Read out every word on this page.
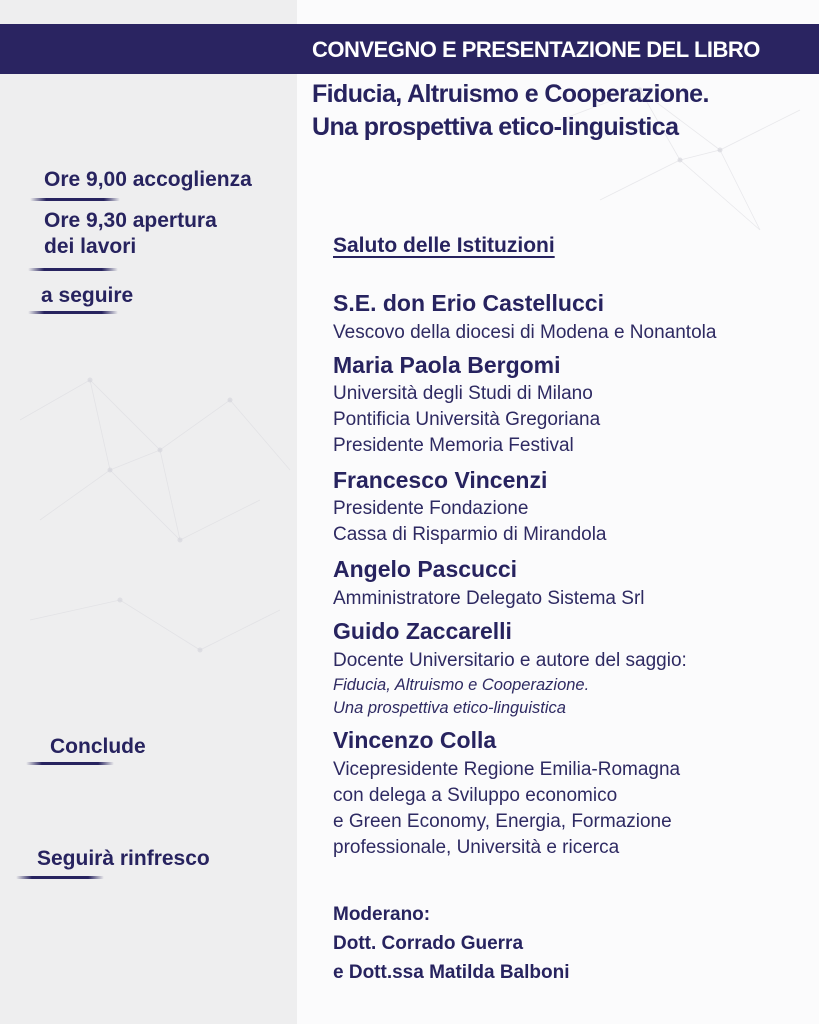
CONVEGNO E PRESENTAZIONE DEL LIBRO
Fiducia, Altruismo e Cooperazione.
Una prospettiva etico-linguistica
Ore 9,00 accoglienza
Ore 9,30 apertura
dei lavori
a seguire
Conclude
Seguirà rinfresco
Saluto delle Istituzioni
S.E. don Erio Castellucci
Vescovo della diocesi di Modena e Nonantola
Maria Paola Bergomi
Università degli Studi di Milano
Pontificia Università Gregoriana
Presidente Memoria Festival
Francesco Vincenzi
Presidente Fondazione
Cassa di Risparmio di Mirandola
Angelo Pascucci
Amministratore Delegato Sistema Srl
Guido Zaccarelli
Docente Universitario e autore del saggio:
Fiducia, Altruismo e Cooperazione.
Una prospettiva etico-linguistica
Vincenzo Colla
Vicepresidente Regione Emilia-Romagna
con delega a Sviluppo economico
e Green Economy, Energia, Formazione
professionale, Università e ricerca
Moderano:
Dott. Corrado Guerra
e Dott.ssa Matilda Balboni
